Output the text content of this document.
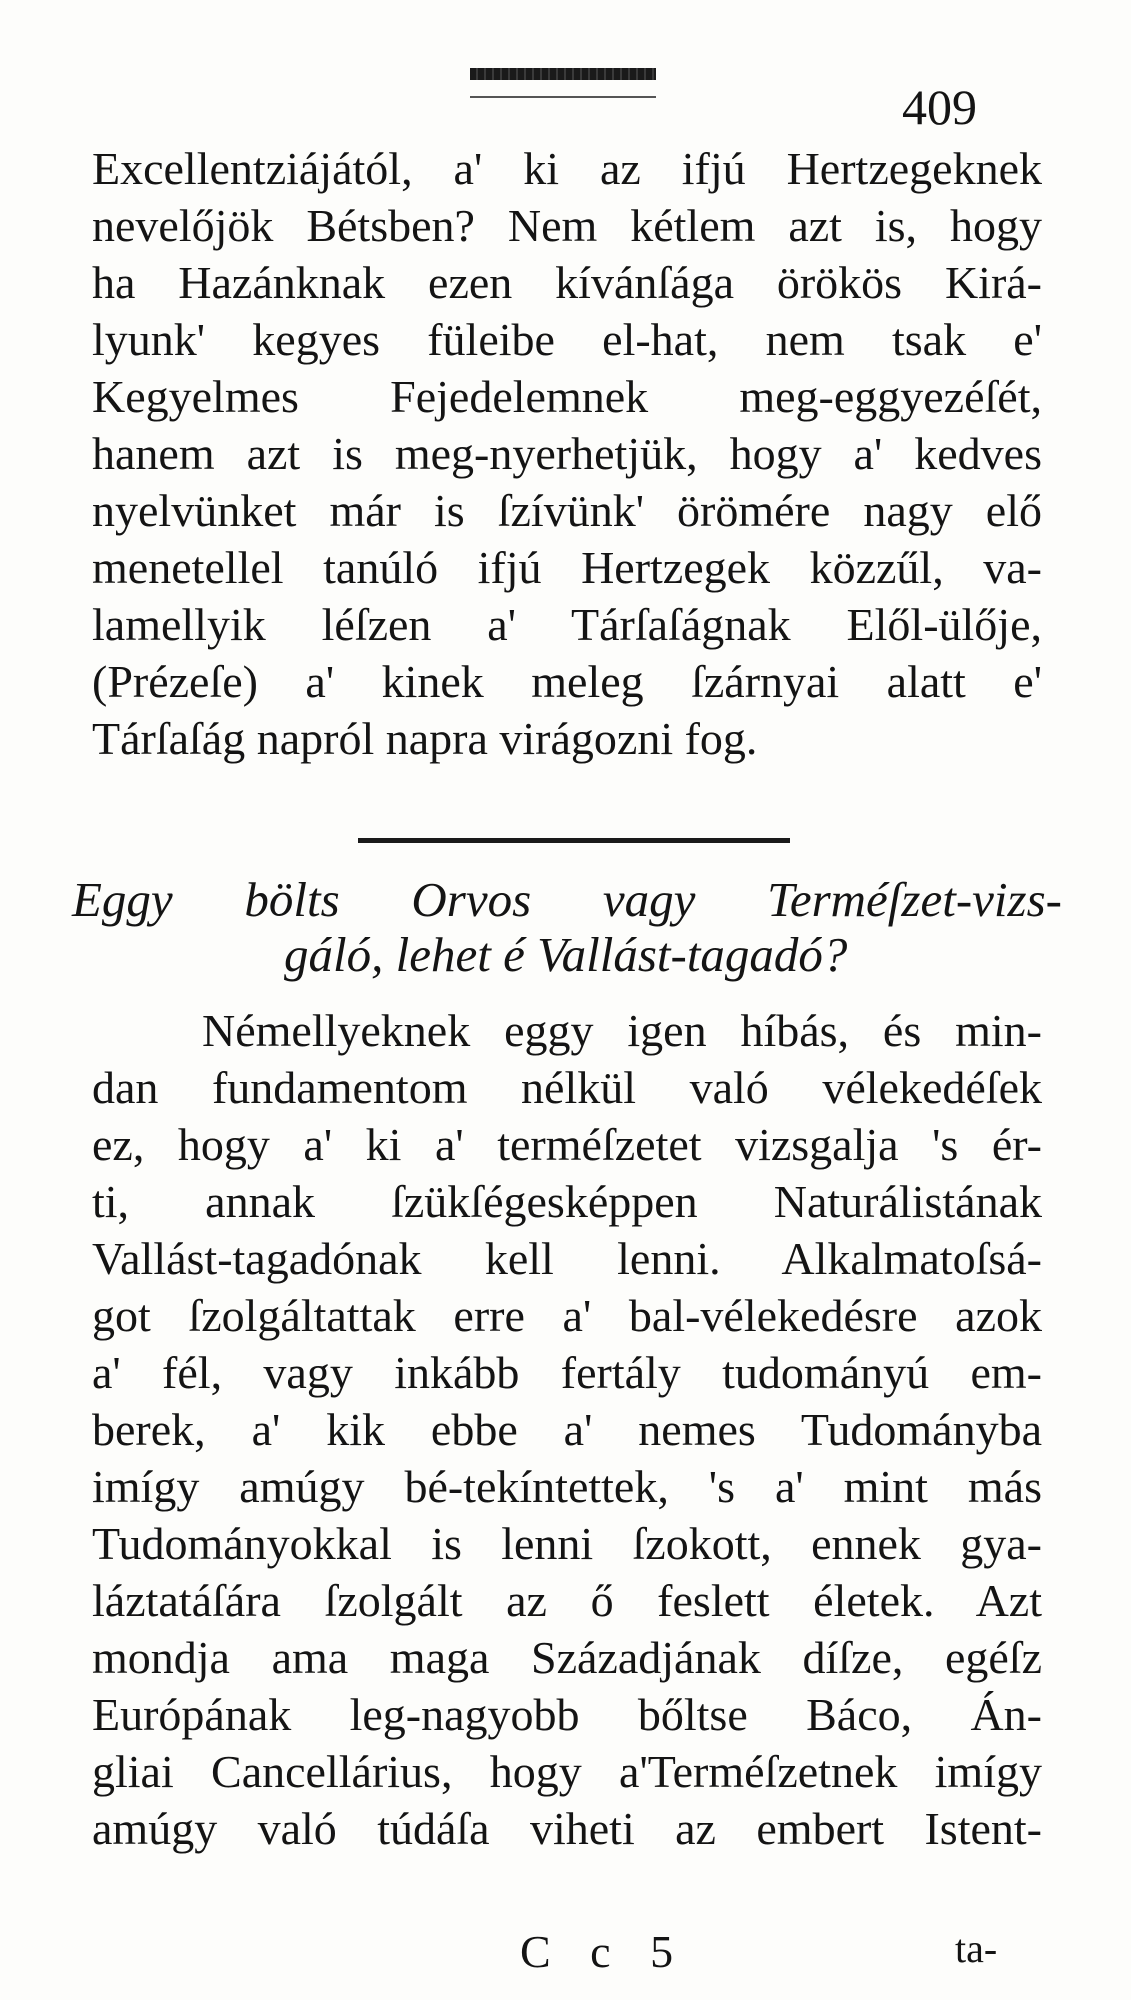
409
Excellentziájától, a' ki az ifjú Hertzegeknek
nevelőjök Bétsben? Nem kétlem azt is, hogy
ha Hazánknak ezen kívánſága örökös Kirá-
lyunk' kegyes füleibe el-hat, nem tsak e'
Kegyelmes Fejedelemnek meg-eggyezéſét,
hanem azt is meg-nyerhetjük, hogy a' kedves
nyelvünket már is ſzívünk' örömére nagy elő
menetellel tanúló ifjú Hertzegek közzűl, va-
lamellyik léſzen a' Tárſaſágnak Elől-ülője,
(Prézeſe) a' kinek meleg ſzárnyai alatt e'
Tárſaſág napról napra virágozni fog.
Eggy bölts Orvos vagy Terméſzet-vizs-
gáló, lehet é Vallást-tagadó?
Némellyeknek eggy igen híbás, és min-
dan fundamentom nélkül való vélekedéſek
ez, hogy a' ki a' terméſzetet vizsgalja 's ér-
ti, annak ſzükſégesképpen Naturálistának
Vallást-tagadónak kell lenni. Alkalmatoſsá-
got ſzolgáltattak erre a' bal-vélekedésre azok
a' fél, vagy inkább fertály tudományú em-
berek, a' kik ebbe a' nemes Tudományba
imígy amúgy bé-tekíntettek, 's a' mint más
Tudományokkal is lenni ſzokott, ennek gya-
láztatáſára ſzolgált az ő feslett életek. Azt
mondja ama maga Századjának díſze, egéſz
Európának leg-nagyobb bőltse Báco, Án-
gliai Cancellárius, hogy a'Terméſzetnek imígy
amúgy való túdáſa viheti az embert Istent-
C c 5	ta-
